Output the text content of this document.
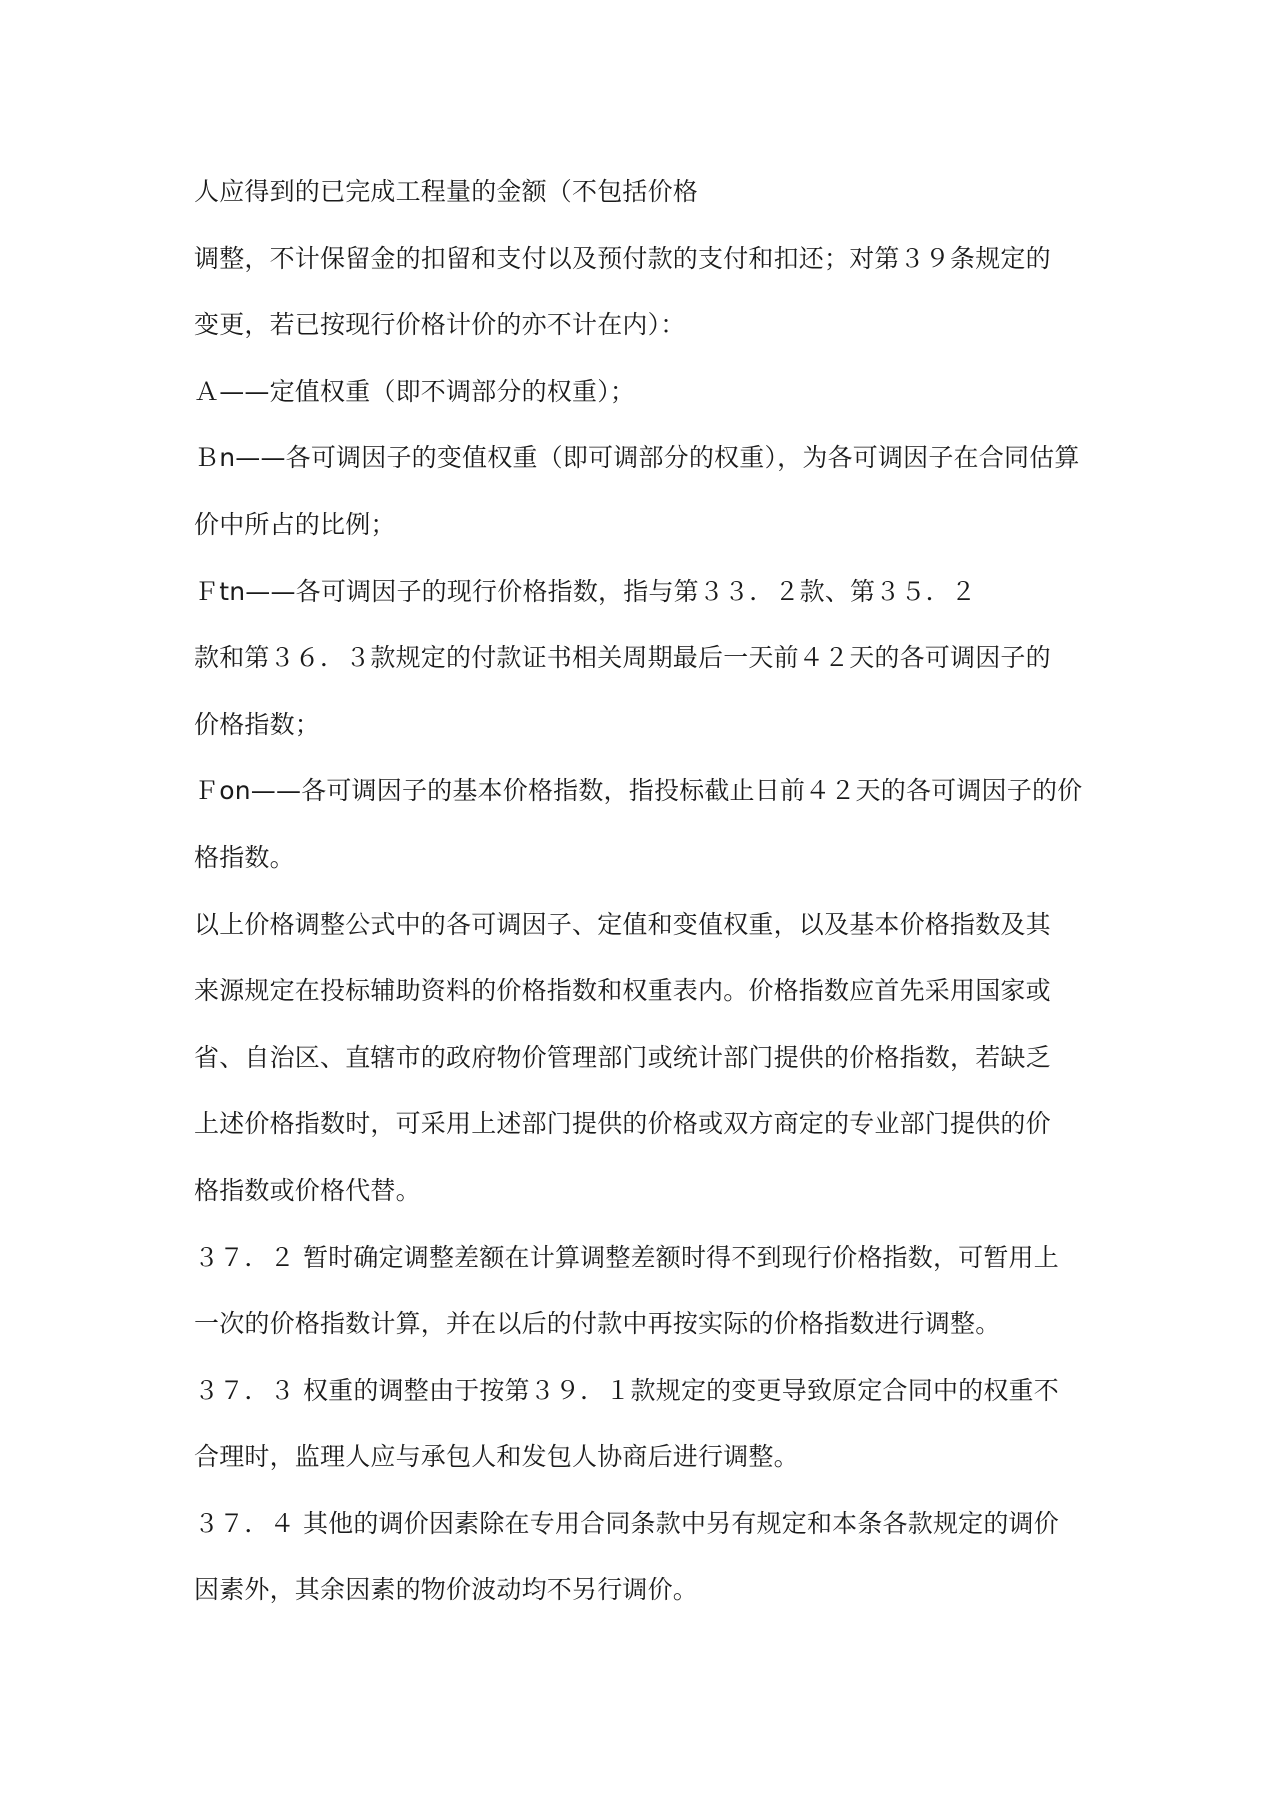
人应得到的已完成工程量的金额（不包括价格
调整，不计保留金的扣留和支付以及预付款的支付和扣还；对第３９条规定的
变更，若已按现行价格计价的亦不计在内）：
Ａ——定值权重（即不调部分的权重）；
Ｂn——各可调因子的变值权重（即可调部分的权重），为各可调因子在合同估算
价中所占的比例；
Ｆtn——各可调因子的现行价格指数，指与第３３．２款、第３５．２
款和第３６．３款规定的付款证书相关周期最后一天前４２天的各可调因子的
价格指数；
Ｆon——各可调因子的基本价格指数，指投标截止日前４２天的各可调因子的价
格指数。
以上价格调整公式中的各可调因子、定值和变值权重，以及基本价格指数及其
来源规定在投标辅助资料的价格指数和权重表内。价格指数应首先采用国家或
省、自治区、直辖市的政府物价管理部门或统计部门提供的价格指数，若缺乏
上述价格指数时，可采用上述部门提供的价格或双方商定的专业部门提供的价
格指数或价格代替。
３７．２ 暂时确定调整差额在计算调整差额时得不到现行价格指数，可暂用上
一次的价格指数计算，并在以后的付款中再按实际的价格指数进行调整。
３７．３ 权重的调整由于按第３９．１款规定的变更导致原定合同中的权重不
合理时，监理人应与承包人和发包人协商后进行调整。
３７．４ 其他的调价因素除在专用合同条款中另有规定和本条各款规定的调价
因素外，其余因素的物价波动均不另行调价。
